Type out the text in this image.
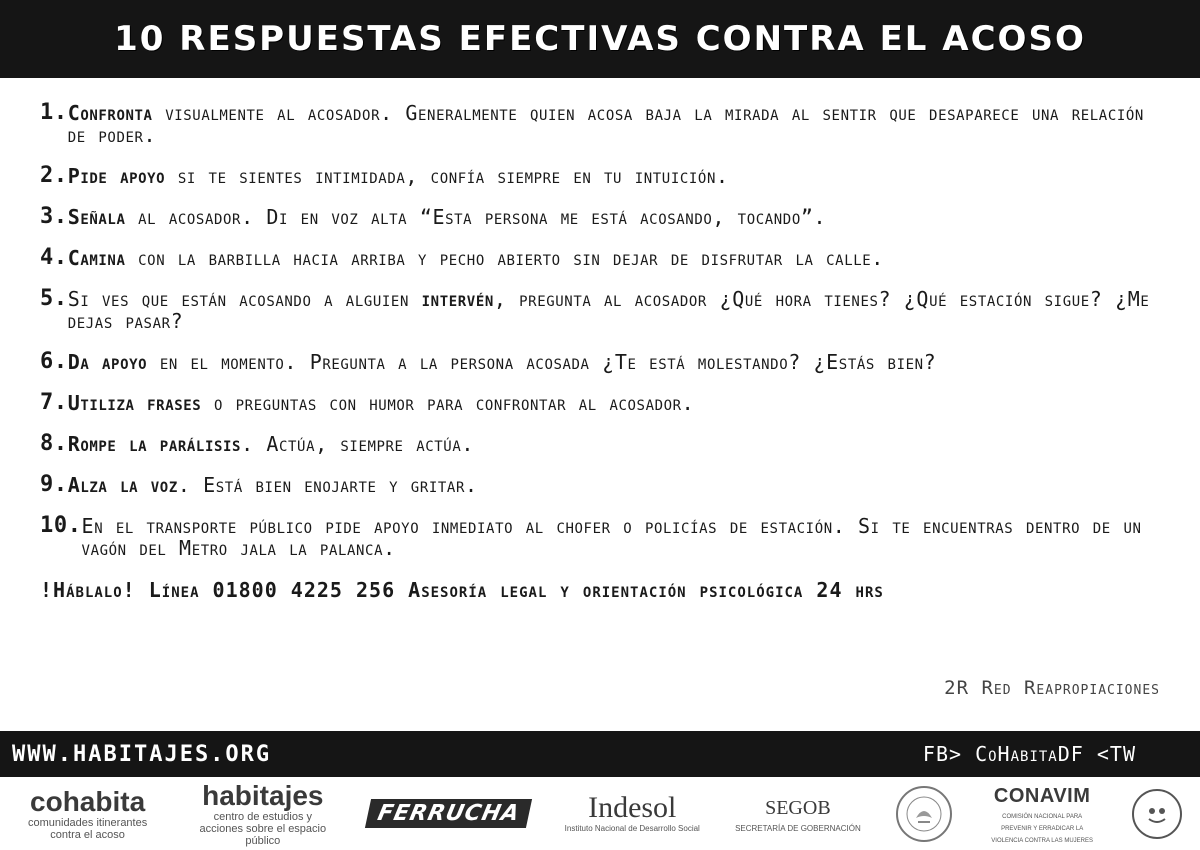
10 RESPUESTAS EFECTIVAS CONTRA EL ACOSO
1. Confronta visualmente al acosador. Generalmente quien acosa baja la mirada al sentir que desaparece una relación de poder.
2. Pide apoyo si te sientes intimidada, confía siempre en tu intuición.
3. Señala al acosador. Di en voz alta “Esta persona me está acosando, tocando”.
4. Camina con la barbilla hacia arriba y pecho abierto sin dejar de disfrutar la calle.
5. Si ves que están acosando a alguien intervén, pregunta al acosador ¿Qué hora tienes? ¿Qué estación sigue? ¿Me dejas pasar?
6. Da apoyo en el momento. Pregunta a la persona acosada ¿Te está molestando? ¿Estás bien?
7. Utiliza frases o preguntas con humor para confrontar al acosador.
8. Rompe la parálisis. Actúa, siempre actúa.
9. Alza la voz. Está bien enojarte y gritar.
10. En el transporte público pide apoyo inmediato al chofer o policías de estación. Si te encuentras dentro de un vagón del Metro jala la palanca.
!Háblalo! Línea 01800 4225 256 Asesoría legal y orientación psicológica 24 hrs
2R Red Reapropiaciones
WWW.HABITAJES.ORG	FB> CoHabitaDF <TW
cohabita
comunidades itinerantes contra el acoso
habitajes
centro de estudios y acciones sobre el espacio público
FERRUCHA	Indesol
Instituto Nacional de Desarrollo Social
SEGOB
SECRETARÍA DE GOBERNACIÓN
CONAVIM
COMISIÓN NACIONAL PARA PREVENIR Y ERRADICAR LA VIOLENCIA CONTRA LAS MUJERES
